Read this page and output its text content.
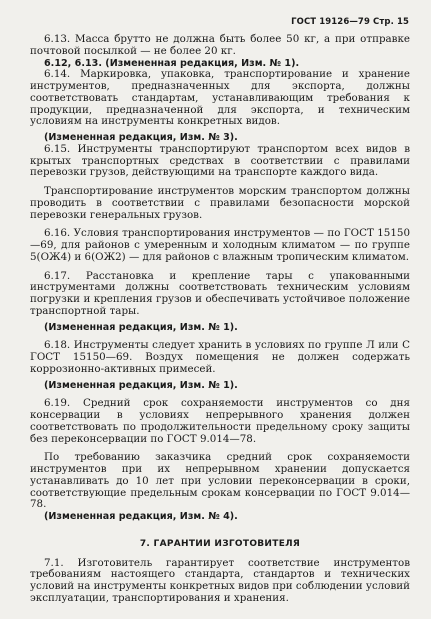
ГОСТ 19126—79 Стр. 15

6.13. Масса брутто не должна быть более 50 кг, а при отправке почтовой посылкой — не более 20 кг.

6.12, 6.13. (Измененная редакция, Изм. № 1).

6.14. Маркировка, упаковка, транспортирование и хранение инструментов, предназначенных для экспорта, должны соответствовать стандартам, устанавливающим требования к продукции, предназначенной для экспорта, и техническим условиям на инструменты конкретных видов.

(Измененная редакция, Изм. № 3).

6.15. Инструменты транспортируют транспортом всех видов в крытых транспортных средствах в соответствии с правилами перевозки грузов, действующими на транспорте каждого вида.

Транспортирование инструментов морским транспортом должны проводить в соответствии с правилами безопасности морской перевозки генеральных грузов.

6.16. Условия транспортирования инструментов — по ГОСТ 15150—69, для районов с умеренным и холодным климатом — по группе 5(ОЖ4) и 6(ОЖ2) — для районов с влажным тропическим климатом.

6.17. Расстановка и крепление тары с упакованными инструментами должны соответствовать техническим условиям погрузки и крепления грузов и обеспечивать устойчивое положение транспортной тары.

(Измененная редакция, Изм. № 1).

6.18. Инструменты следует хранить в условиях по группе Л или С ГОСТ 15150—69. Воздух помещения не должен содержать коррозионно-активных примесей.

(Измененная редакция, Изм. № 1).

6.19. Средний срок сохраняемости инструментов со дня консервации в условиях непрерывного хранения должен соответствовать по продолжительности предельному сроку защиты без переконсервации по ГОСТ 9.014—78.

По требованию заказчика средний срок сохраняемости инструментов при их непрерывном хранении допускается устанавливать до 10 лет при условии переконсервации в сроки, соответствующие предельным срокам консервации по ГОСТ 9.014—78.

(Измененная редакция, Изм. № 4).

7. ГАРАНТИИ ИЗГОТОВИТЕЛЯ

7.1. Изготовитель гарантирует соответствие инструментов требованиям настоящего стандарта, стандартов и технических условий на инструменты конкретных видов при соблюдении условий эксплуатации, транспортирования и хранения.
